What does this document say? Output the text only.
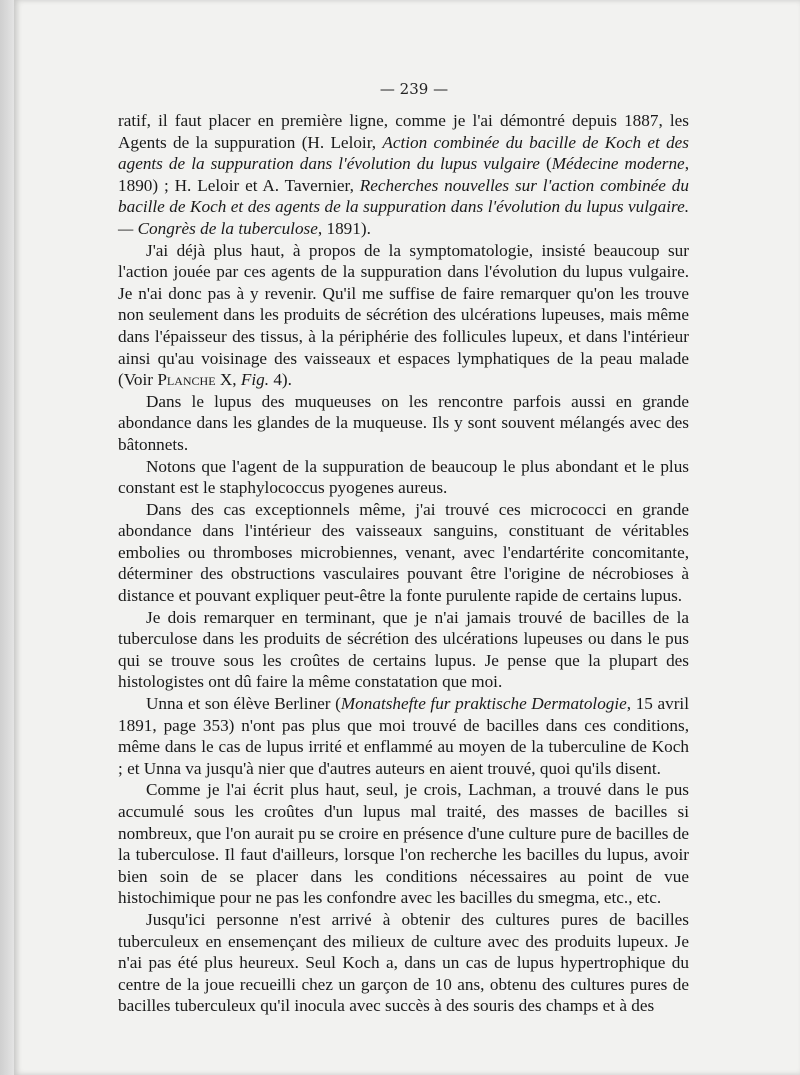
— 239 —

ratif, il faut placer en première ligne, comme je l'ai démontré depuis 1887, les Agents de la suppuration (H. Leloir, Action combinée du bacille de Koch et des agents de la suppuration dans l'évolution du lupus vulgaire (Médecine moderne, 1890) ; H. Leloir et A. Tavernier, Recherches nouvelles sur l'action combinée du bacille de Koch et des agents de la suppuration dans l'évolution du lupus vulgaire. — Congrès de la tuberculose, 1891).

J'ai déjà plus haut, à propos de la symptomatologie, insisté beaucoup sur l'action jouée par ces agents de la suppuration dans l'évolution du lupus vulgaire. Je n'ai donc pas à y revenir. Qu'il me suffise de faire remarquer qu'on les trouve non seulement dans les produits de sécrétion des ulcérations lupeuses, mais même dans l'épaisseur des tissus, à la périphérie des follicules lupeux, et dans l'intérieur ainsi qu'au voisinage des vaisseaux et espaces lymphatiques de la peau malade (Voir Planche X, Fig. 4).

Dans le lupus des muqueuses on les rencontre parfois aussi en grande abondance dans les glandes de la muqueuse. Ils y sont souvent mélangés avec des bâtonnets.

Notons que l'agent de la suppuration de beaucoup le plus abondant et le plus constant est le staphylococcus pyogenes aureus.

Dans des cas exceptionnels même, j'ai trouvé ces micrococci en grande abondance dans l'intérieur des vaisseaux sanguins, constituant de véritables embolies ou thromboses microbiennes, venant, avec l'endartérite concomitante, déterminer des obstructions vasculaires pouvant être l'origine de nécrobioses à distance et pouvant expliquer peut-être la fonte purulente rapide de certains lupus.

Je dois remarquer en terminant, que je n'ai jamais trouvé de bacilles de la tuberculose dans les produits de sécrétion des ulcérations lupeuses ou dans le pus qui se trouve sous les croûtes de certains lupus. Je pense que la plupart des histologistes ont dû faire la même constatation que moi.

Unna et son élève Berliner (Monatshefte fur praktische Dermatologie, 15 avril 1891, page 353) n'ont pas plus que moi trouvé de bacilles dans ces conditions, même dans le cas de lupus irrité et enflammé au moyen de la tuberculine de Koch ; et Unna va jusqu'à nier que d'autres auteurs en aient trouvé, quoi qu'ils disent.

Comme je l'ai écrit plus haut, seul, je crois, Lachman, a trouvé dans le pus accumulé sous les croûtes d'un lupus mal traité, des masses de bacilles si nombreux, que l'on aurait pu se croire en présence d'une culture pure de bacilles de la tuberculose. Il faut d'ailleurs, lorsque l'on recherche les bacilles du lupus, avoir bien soin de se placer dans les conditions nécessaires au point de vue histochimique pour ne pas les confondre avec les bacilles du smegma, etc., etc.

Jusqu'ici personne n'est arrivé à obtenir des cultures pures de bacilles tuberculeux en ensemençant des milieux de culture avec des produits lupeux. Je n'ai pas été plus heureux. Seul Koch a, dans un cas de lupus hypertrophique du centre de la joue recueilli chez un garçon de 10 ans, obtenu des cultures pures de bacilles tuberculeux qu'il inocula avec succès à des souris des champs et à des
